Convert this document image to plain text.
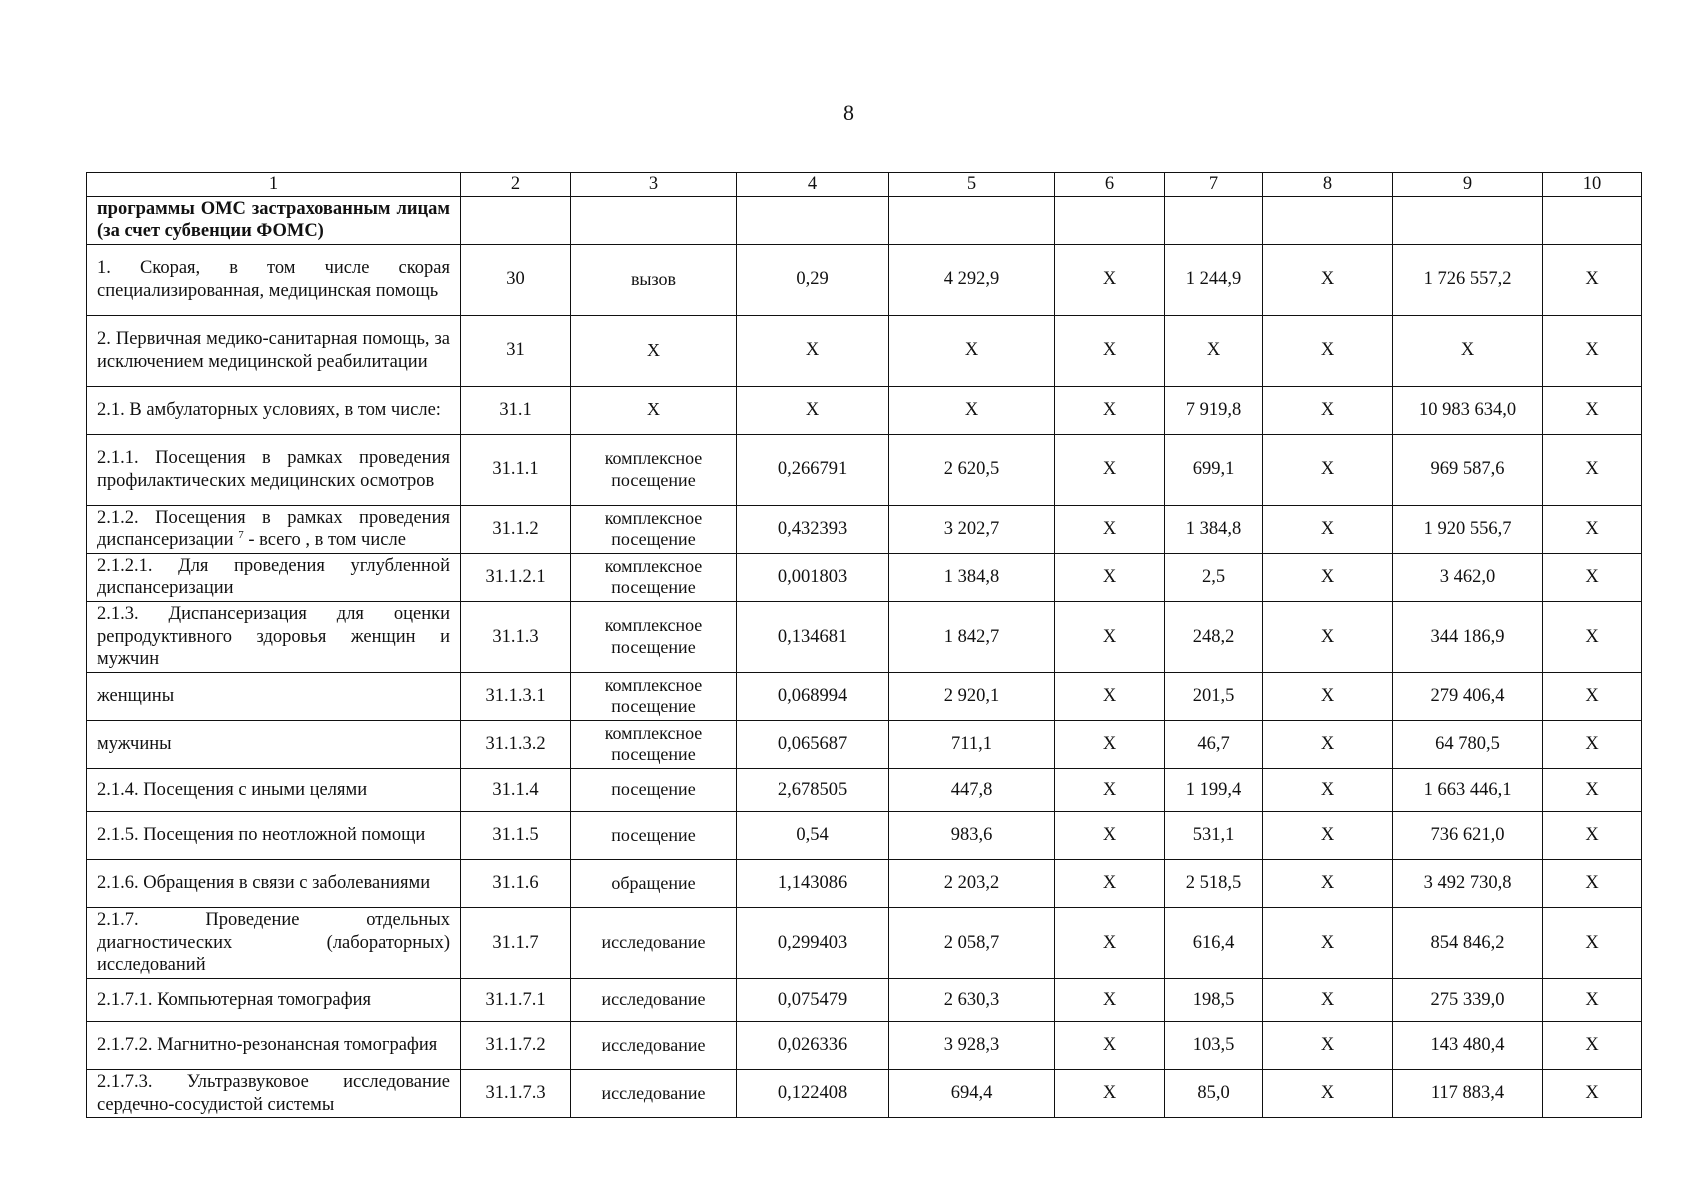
8
1	2	3	4	5	6	7	8	9	10
программы ОМС застрахованным лицам (за счет субвенции ФОМС)									
1. Скорая, в том числе скорая специализированная, медицинская помощь	30	вызов	0,29	4 292,9	X	1 244,9	X	1 726 557,2	X
2. Первичная медико-санитарная помощь, за исключением медицинской реабилитации	31	X	X	X	X	X	X	X	X
2.1. В амбулаторных условиях, в том числе:	31.1	X	X	X	X	7 919,8	X	10 983 634,0	X
2.1.1. Посещения в рамках проведения профилактических медицинских осмотров	31.1.1	комплексное посещение	0,266791	2 620,5	X	699,1	X	969 587,6	X
2.1.2. Посещения в рамках проведения диспансеризации $^7$ - всего , в том числе	31.1.2	комплексное посещение	0,432393	3 202,7	X	1 384,8	X	1 920 556,7	X
2.1.2.1. Для проведения углубленной диспансеризации	31.1.2.1	комплексное посещение	0,001803	1 384,8	X	2,5	X	3 462,0	X
2.1.3. Диспансеризация для оценки репродуктивного здоровья женщин и мужчин	31.1.3	комплексное посещение	0,134681	1 842,7	X	248,2	X	344 186,9	X
женщины	31.1.3.1	комплексное посещение	0,068994	2 920,1	X	201,5	X	279 406,4	X
мужчины	31.1.3.2	комплексное посещение	0,065687	711,1	X	46,7	X	64 780,5	X
2.1.4. Посещения с иными целями	31.1.4	посещение	2,678505	447,8	X	1 199,4	X	1 663 446,1	X
2.1.5. Посещения по неотложной помощи	31.1.5	посещение	0,54	983,6	X	531,1	X	736 621,0	X
2.1.6. Обращения в связи с заболеваниями	31.1.6	обращение	1,143086	2 203,2	X	2 518,5	X	3 492 730,8	X
2.1.7. Проведение отдельных диагностических (лабораторных) исследований	31.1.7	исследование	0,299403	2 058,7	X	616,4	X	854 846,2	X
2.1.7.1. Компьютерная томография	31.1.7.1	исследование	0,075479	2 630,3	X	198,5	X	275 339,0	X
2.1.7.2. Магнитно-резонансная томография	31.1.7.2	исследование	0,026336	3 928,3	X	103,5	X	143 480,4	X
2.1.7.3. Ультразвуковое исследование сердечно-сосудистой системы	31.1.7.3	исследование	0,122408	694,4	X	85,0	X	117 883,4	X
